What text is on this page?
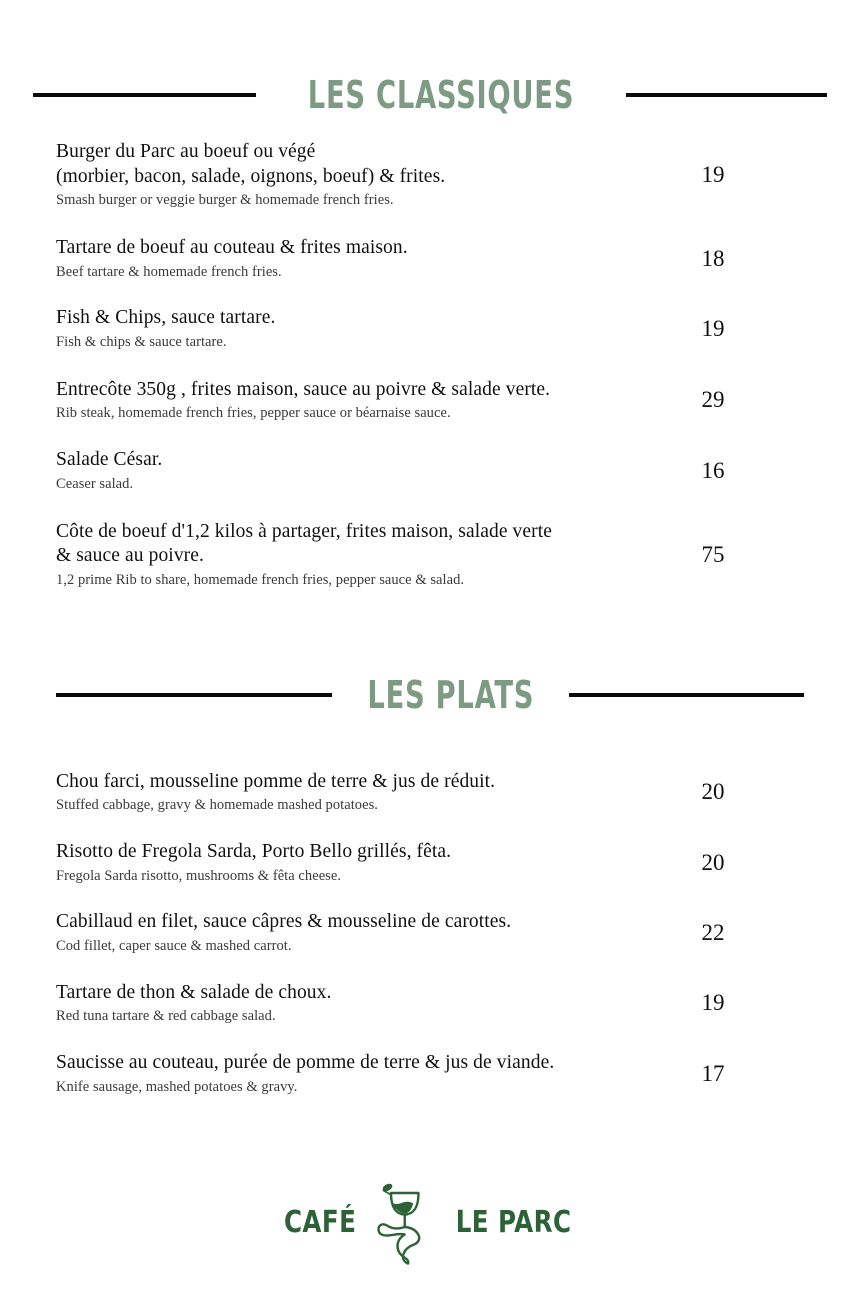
LES CLASSIQUES
Burger du Parc au boeuf ou végé
(morbier, bacon, salade, oignons, boeuf) & frites.
Smash burger or veggie burger & homemade french fries.
19
Tartare de boeuf au couteau & frites maison.
Beef tartare & homemade french fries.
18
Fish & Chips, sauce tartare.
Fish & chips & sauce tartare.
19
Entrecôte 350g , frites maison, sauce au poivre & salade verte.
Rib steak, homemade french fries, pepper sauce or béarnaise sauce.
29
Salade César.
Ceaser salad.
16
Côte de boeuf d'1,2 kilos à partager, frites maison, salade verte
& sauce au poivre.
1,2 prime Rib to share, homemade french fries, pepper sauce & salad.
75
LES PLATS
Chou farci, mousseline pomme de terre & jus de réduit.
Stuffed cabbage, gravy & homemade mashed potatoes.
20
Risotto de Fregola Sarda, Porto Bello grillés, fêta.
Fregola Sarda risotto, mushrooms & fêta cheese.
20
Cabillaud en filet, sauce câpres & mousseline de carottes.
Cod fillet, caper sauce & mashed carrot.
22
Tartare de thon & salade de choux.
Red tuna tartare & red cabbage salad.
19
Saucisse au couteau, purée de pomme de terre & jus de viande.
Knife sausage, mashed potatoes & gravy.
17
CAFÉ	LE PARC
